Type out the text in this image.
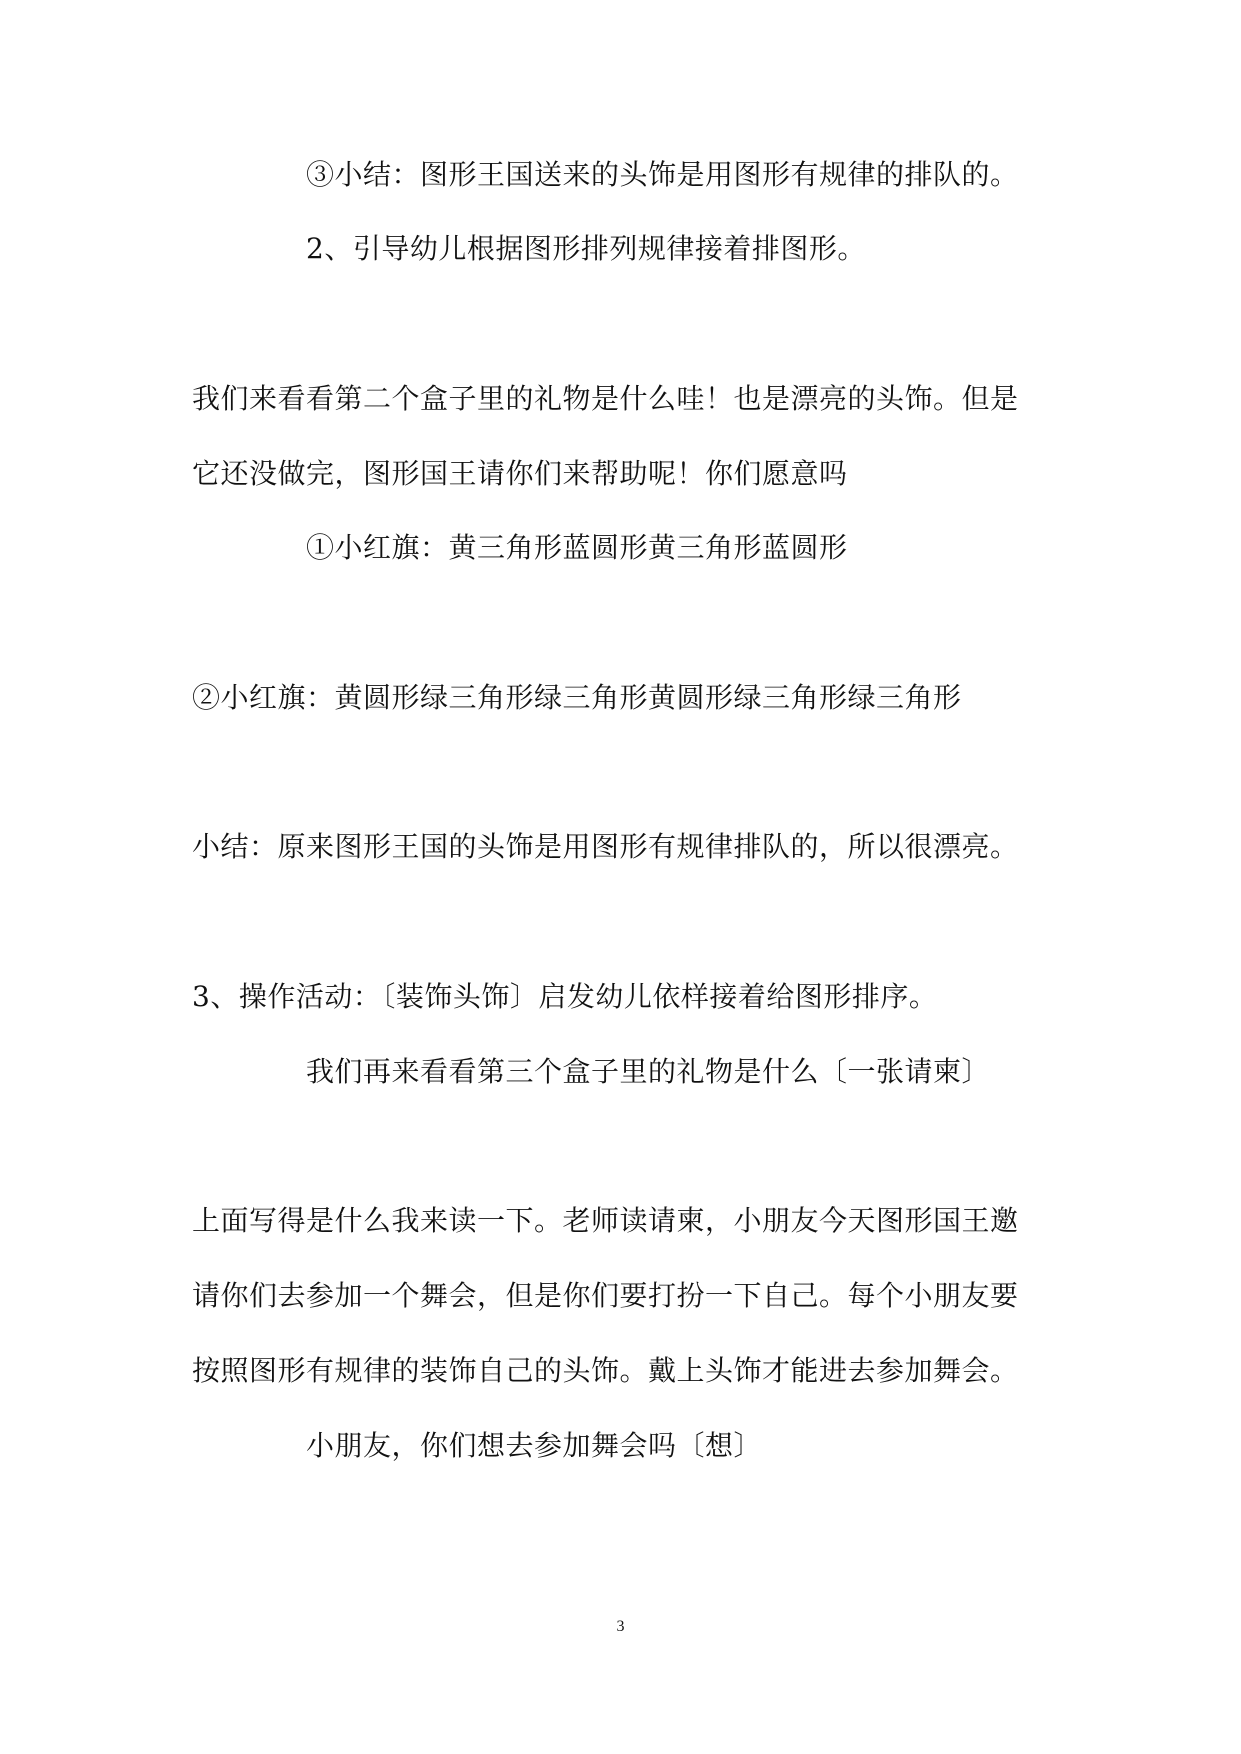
③小结：图形王国送来的头饰是用图形有规律的排队的。
2、引导幼儿根据图形排列规律接着排图形。
我们来看看第二个盒子里的礼物是什么哇！也是漂亮的头饰。但是
它还没做完，图形国王请你们来帮助呢！你们愿意吗
①小红旗：黄三角形蓝圆形黄三角形蓝圆形
②小红旗：黄圆形绿三角形绿三角形黄圆形绿三角形绿三角形
小结：原来图形王国的头饰是用图形有规律排队的，所以很漂亮。
3、操作活动：〔装饰头饰〕启发幼儿依样接着给图形排序。
我们再来看看第三个盒子里的礼物是什么〔一张请柬〕
上面写得是什么我来读一下。老师读请柬，小朋友今天图形国王邀
请你们去参加一个舞会，但是你们要打扮一下自己。每个小朋友要
按照图形有规律的装饰自己的头饰。戴上头饰才能进去参加舞会。
小朋友，你们想去参加舞会吗〔想〕
3
